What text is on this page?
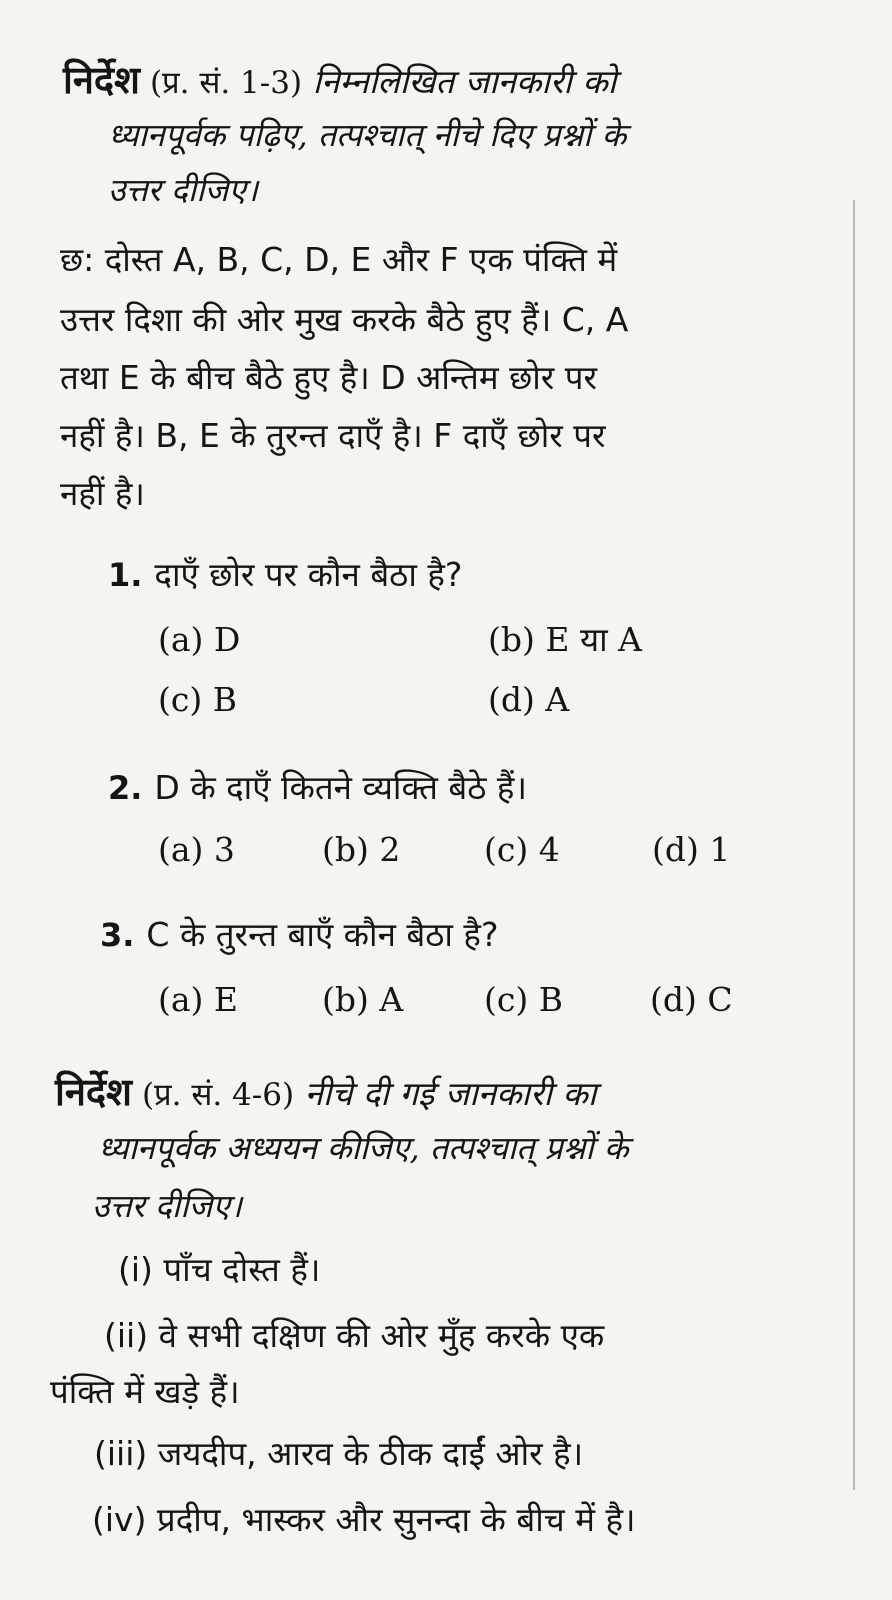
निर्देश (प्र. सं. 1-3) निम्नलिखित जानकारी को
ध्यानपूर्वक पढ़िए, तत्पश्चात् नीचे दिए प्रश्नों के
उत्तर दीजिए।
छ: दोस्त A, B, C, D, E और F एक पंक्ति में
उत्तर दिशा की ओर मुख करके बैठे हुए हैं। C, A
तथा E के बीच बैठे हुए है। D अन्तिम छोर पर
नहीं है। B, E के तुरन्त दाएँ है। F दाएँ छोर पर
नहीं है।
1. दाएँ छोर पर कौन बैठा है?
(a) D	(b) E या A
(c) B	(d) A
2. D के दाएँ कितने व्यक्ति बैठे हैं।
(a) 3	(b) 2	(c) 4	(d) 1
3. C के तुरन्त बाएँ कौन बैठा है?
(a) E	(b) A (c) B	(d) C
निर्देश (प्र. सं. 4-6) नीचे दी गई जानकारी का
ध्यानपूर्वक अध्ययन कीजिए, तत्पश्चात् प्रश्नों के
उत्तर दीजिए।
(i) पाँच दोस्त हैं।
(ii) वे सभी दक्षिण की ओर मुँह करके एक
पंक्ति में खड़े हैं।
(iii) जयदीप, आरव के ठीक दाईं ओर है।
(iv) प्रदीप, भास्कर और सुनन्दा के बीच में है।
